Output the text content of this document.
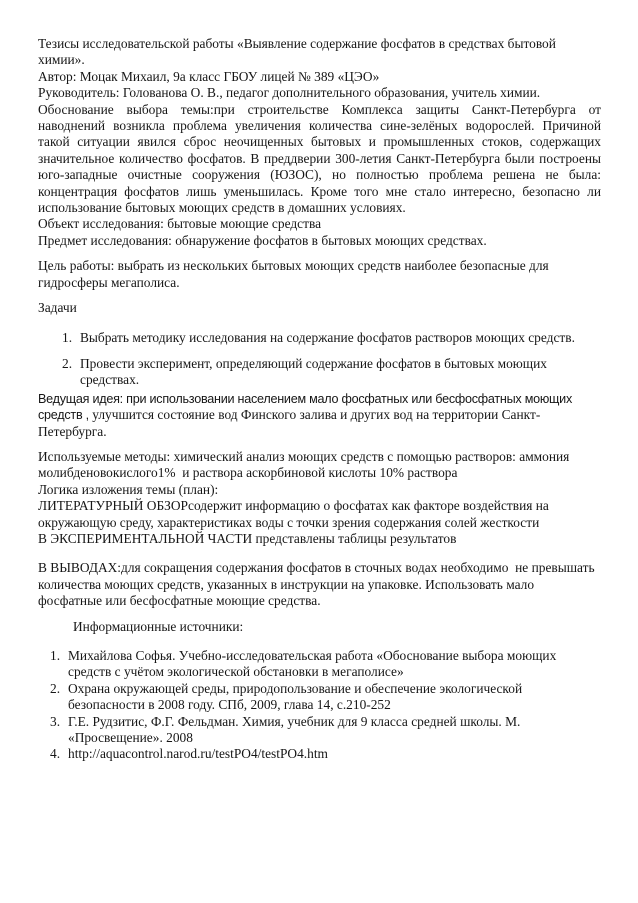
Тезисы исследовательской работы «Выявление содержание фосфатов в средствах бытовой химии».
Автор: Моцак Михаил, 9а класс ГБОУ лицей № 389 «ЦЭО»
Руководитель: Голованова О. В., педагог дополнительного образования, учитель химии.
Обоснование выбора темы:при строительстве Комплекса защиты Санкт-Петербурга от наводнений возникла проблема увеличения количества сине-зелёных водорослей. Причиной такой ситуации явился сброс неочищенных бытовых и промышленных стоков, содержащих значительное количество фосфатов. В преддверии 300-летия Санкт-Петербурга были построены юго-западные очистные сооружения (ЮЗОС), но полностью проблема решена не была: концентрация фосфатов лишь уменьшилась. Кроме того мне стало интересно, безопасно ли использование бытовых моющих средств в домашних условиях.
Объект исследования: бытовые моющие средства
Предмет исследования: обнаружение фосфатов в бытовых моющих средствах.
Цель работы: выбрать из нескольких бытовых моющих средств наиболее безопасные для гидросферы мегаполиса.
Задачи
1. Выбрать методику исследования на содержание фосфатов растворов моющих средств.
2. Провести эксперимент, определяющий содержание фосфатов в бытовых моющих средствах.
Ведущая идея: при использовании населением мало фосфатных или бесфосфатных моющих средств , улучшится состояние вод Финского залива и других вод на территории Санкт-Петербурга.
Используемые методы: химический анализ моющих средств с помощью растворов: аммония молибденовокислого1%  и раствора аскорбиновой кислоты 10% раствора
Логика изложения темы (план):
ЛИТЕРАТУРНЫЙ ОБЗОРсодержит информацию о фосфатах как факторе воздействия на окружающую среду, характеристиках воды с точки зрения содержания солей жесткости
В ЭКСПЕРИМЕНТАЛЬНОЙ ЧАСТИ представлены таблицы результатов
В ВЫВОДАХ:для сокращения содержания фосфатов в сточных водах необходимо  не превышать количества моющих средств, указанных в инструкции на упаковке. Использовать мало фосфатные или бесфосфатные моющие средства.
Информационные источники:
1. Михайлова Софья. Учебно-исследовательская работа «Обоснование выбора моющих средств с учётом экологической обстановки в мегаполисе»
2. Охрана окружающей среды, природопользование и обеспечение экологической безопасности в 2008 году. СПб, 2009, глава 14, с.210-252
3. Г.Е. Рудзитис, Ф.Г. Фельдман. Химия, учебник для 9 класса средней школы. М. «Просвещение». 2008
4. http://aquacontrol.narod.ru/testPO4/testPO4.htm
